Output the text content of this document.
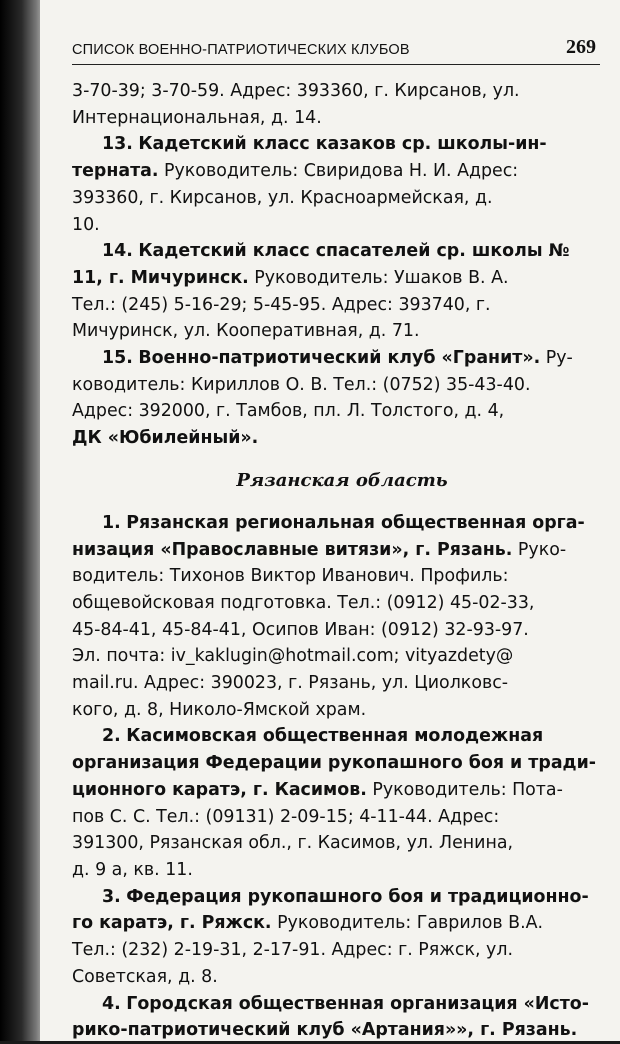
СПИСОК ВОЕННО-ПАТРИОТИЧЕСКИХ КЛУБОВ	269

3-70-39; 3-70-59. Адрес: 393360, г. Кирсанов, ул.
Интернациональная, д. 14.

13. Кадетский класс казаков ср. школы-ин-
терната. Руководитель: Свиридова Н. И. Адрес:
393360, г. Кирсанов, ул. Красноармейская, д.
10.
14. Кадетский класс спасателей ср. школы №
11, г. Мичуринск. Руководитель: Ушаков В. А.
Тел.: (245) 5-16-29; 5-45-95. Адрес: 393740, г.
Мичуринск, ул. Кооперативная, д. 71.
15. Военно-патриотический клуб «Гранит». Ру-
ководитель: Кириллов О. В. Тел.: (0752) 35-43-40.
Адрес: 392000, г. Тамбов, пл. Л. Толстого, д. 4,
ДК «Юбилейный».
Рязанская область
1. Рязанская региональная общественная орга-
низация «Православные витязи», г. Рязань. Руко-
водитель: Тихонов Виктор Иванович. Профиль:
общевойсковая подготовка. Тел.: (0912) 45-02-33,
45-84-41, 45-84-41, Осипов Иван: (0912) 32-93-97.
Эл. почта: iv_kaklugin@hotmail.com; vityazdety@
mail.ru. Адрес: 390023, г. Рязань, ул. Циолковс-
кого, д. 8, Николо-Ямской храм.
2. Касимовская общественная молодежная
организация Федерации рукопашного боя и тради-
ционного каратэ, г. Касимов. Руководитель: Пота-
пов С. С. Тел.: (09131) 2-09-15; 4-11-44. Адрес:
391300, Рязанская обл., г. Касимов, ул. Ленина,
д. 9 а, кв. 11.
3. Федерация рукопашного боя и традиционно-
го каратэ, г. Ряжск. Руководитель: Гаврилов В.А.
Тел.: (232) 2-19-31, 2-17-91. Адрес: г. Ряжск, ул.
Советская, д. 8.
4. Городская общественная организация «Исто-
рико-патриотический клуб «Артания»», г. Рязань.
